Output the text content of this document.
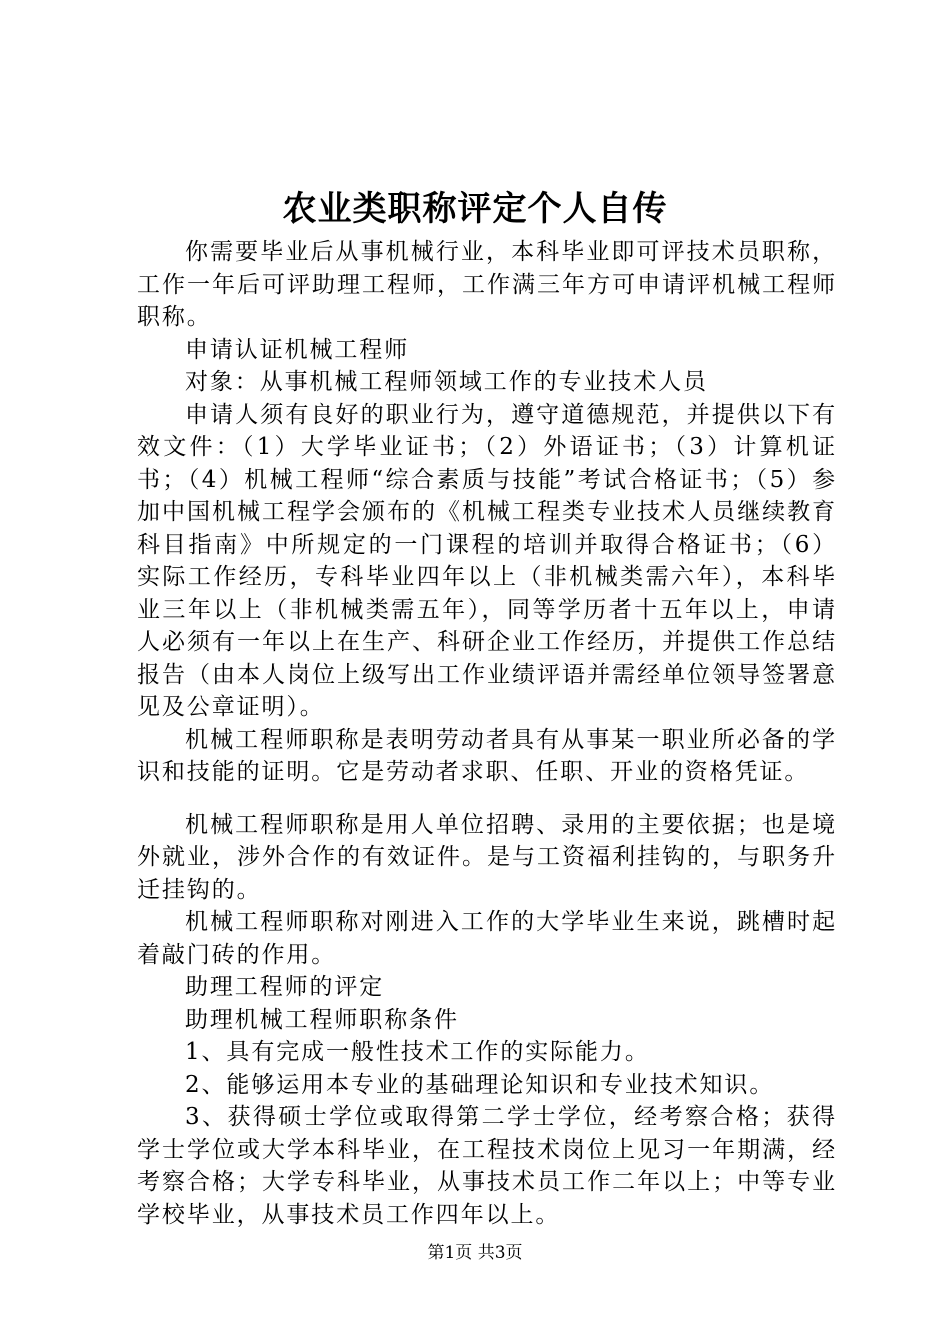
农业类职称评定个人自传

你需要毕业后从事机械行业，本科毕业即可评技术员职称，工作一年后可评助理工程师，工作满三年方可申请评机械工程师职称。

申请认证机械工程师

对象：从事机械工程师领域工作的专业技术人员

申请人须有良好的职业行为，遵守道德规范，并提供以下有效文件：（1）大学毕业证书；（2）外语证书；（3）计算机证书；（4）机械工程师“综合素质与技能”考试合格证书；（5）参加中国机械工程学会颁布的《机械工程类专业技术人员继续教育科目指南》中所规定的一门课程的培训并取得合格证书；（6）实际工作经历，专科毕业四年以上（非机械类需六年），本科毕业三年以上（非机械类需五年），同等学历者十五年以上，申请人必须有一年以上在生产、科研企业工作经历，并提供工作总结报告（由本人岗位上级写出工作业绩评语并需经单位领导签署意见及公章证明）。

机械工程师职称是表明劳动者具有从事某一职业所必备的学识和技能的证明。它是劳动者求职、任职、开业的资格凭证。

机械工程师职称是用人单位招聘、录用的主要依据；也是境外就业，涉外合作的有效证件。是与工资福利挂钩的，与职务升迁挂钩的。

机械工程师职称对刚进入工作的大学毕业生来说，跳槽时起着敲门砖的作用。

助理工程师的评定

助理机械工程师职称条件

1、具有完成一般性技术工作的实际能力。

2、能够运用本专业的基础理论知识和专业技术知识。

3、获得硕士学位或取得第二学士学位，经考察合格；获得学士学位或大学本科毕业，在工程技术岗位上见习一年期满，经考察合格；大学专科毕业，从事技术员工作二年以上；中等专业学校毕业，从事技术员工作四年以上。

第1页 共3页
